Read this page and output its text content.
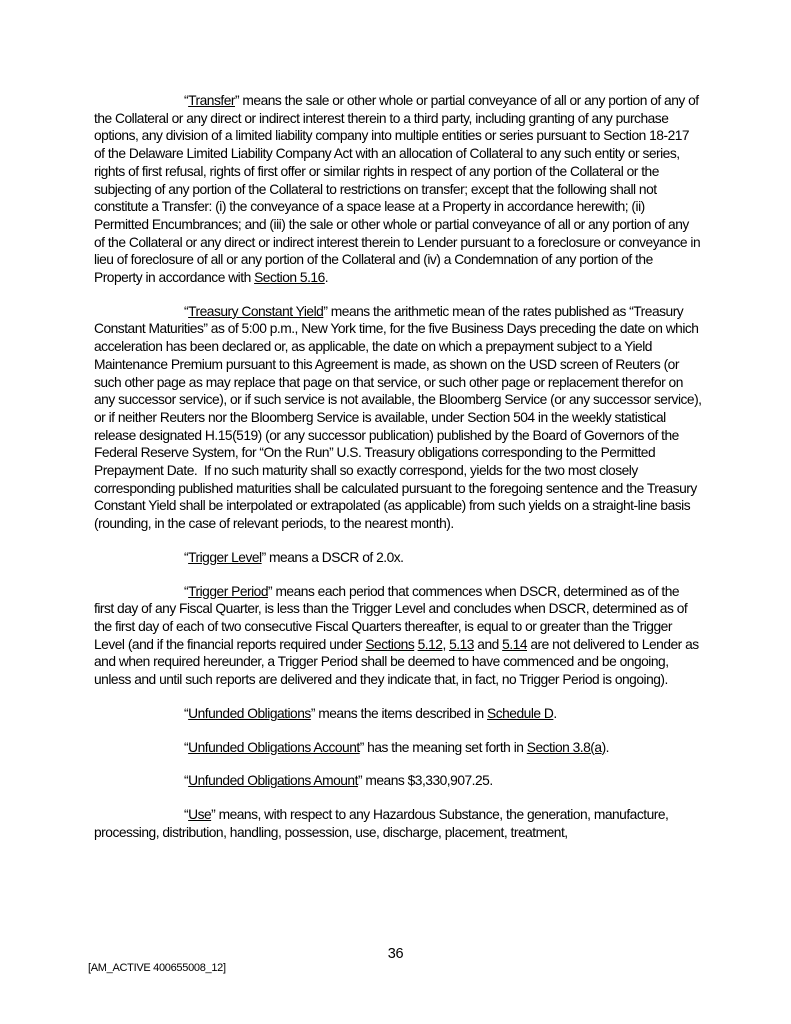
“Transfer” means the sale or other whole or partial conveyance of all or any portion of any of the Collateral or any direct or indirect interest therein to a third party, including granting of any purchase options, any division of a limited liability company into multiple entities or series pursuant to Section 18-217 of the Delaware Limited Liability Company Act with an allocation of Collateral to any such entity or series, rights of first refusal, rights of first offer or similar rights in respect of any portion of the Collateral or the subjecting of any portion of the Collateral to restrictions on transfer; except that the following shall not constitute a Transfer: (i) the conveyance of a space lease at a Property in accordance herewith; (ii) Permitted Encumbrances; and (iii) the sale or other whole or partial conveyance of all or any portion of any of the Collateral or any direct or indirect interest therein to Lender pursuant to a foreclosure or conveyance in lieu of foreclosure of all or any portion of the Collateral and (iv) a Condemnation of any portion of the Property in accordance with Section 5.16.

“Treasury Constant Yield” means the arithmetic mean of the rates published as “Treasury Constant Maturities” as of 5:00 p.m., New York time, for the five Business Days preceding the date on which acceleration has been declared or, as applicable, the date on which a prepayment subject to a Yield Maintenance Premium pursuant to this Agreement is made, as shown on the USD screen of Reuters (or such other page as may replace that page on that service, or such other page or replacement therefor on any successor service), or if such service is not available, the Bloomberg Service (or any successor service), or if neither Reuters nor the Bloomberg Service is available, under Section 504 in the weekly statistical release designated H.15(519) (or any successor publication) published by the Board of Governors of the Federal Reserve System, for “On the Run” U.S. Treasury obligations corresponding to the Permitted Prepayment Date.  If no such maturity shall so exactly correspond, yields for the two most closely corresponding published maturities shall be calculated pursuant to the foregoing sentence and the Treasury Constant Yield shall be interpolated or extrapolated (as applicable) from such yields on a straight-line basis (rounding, in the case of relevant periods, to the nearest month).

“Trigger Level” means a DSCR of 2.0x.

“Trigger Period” means each period that commences when DSCR, determined as of the first day of any Fiscal Quarter, is less than the Trigger Level and concludes when DSCR, determined as of the first day of each of two consecutive Fiscal Quarters thereafter, is equal to or greater than the Trigger Level (and if the financial reports required under Sections 5.12, 5.13 and 5.14 are not delivered to Lender as and when required hereunder, a Trigger Period shall be deemed to have commenced and be ongoing, unless and until such reports are delivered and they indicate that, in fact, no Trigger Period is ongoing).

“Unfunded Obligations” means the items described in Schedule D.

“Unfunded Obligations Account” has the meaning set forth in Section 3.8(a).

“Unfunded Obligations Amount” means $3,330,907.25.

“Use” means, with respect to any Hazardous Substance, the generation, manufacture, processing, distribution, handling, possession, use, discharge, placement, treatment,

36
[AM_ACTIVE 400655008_12]
